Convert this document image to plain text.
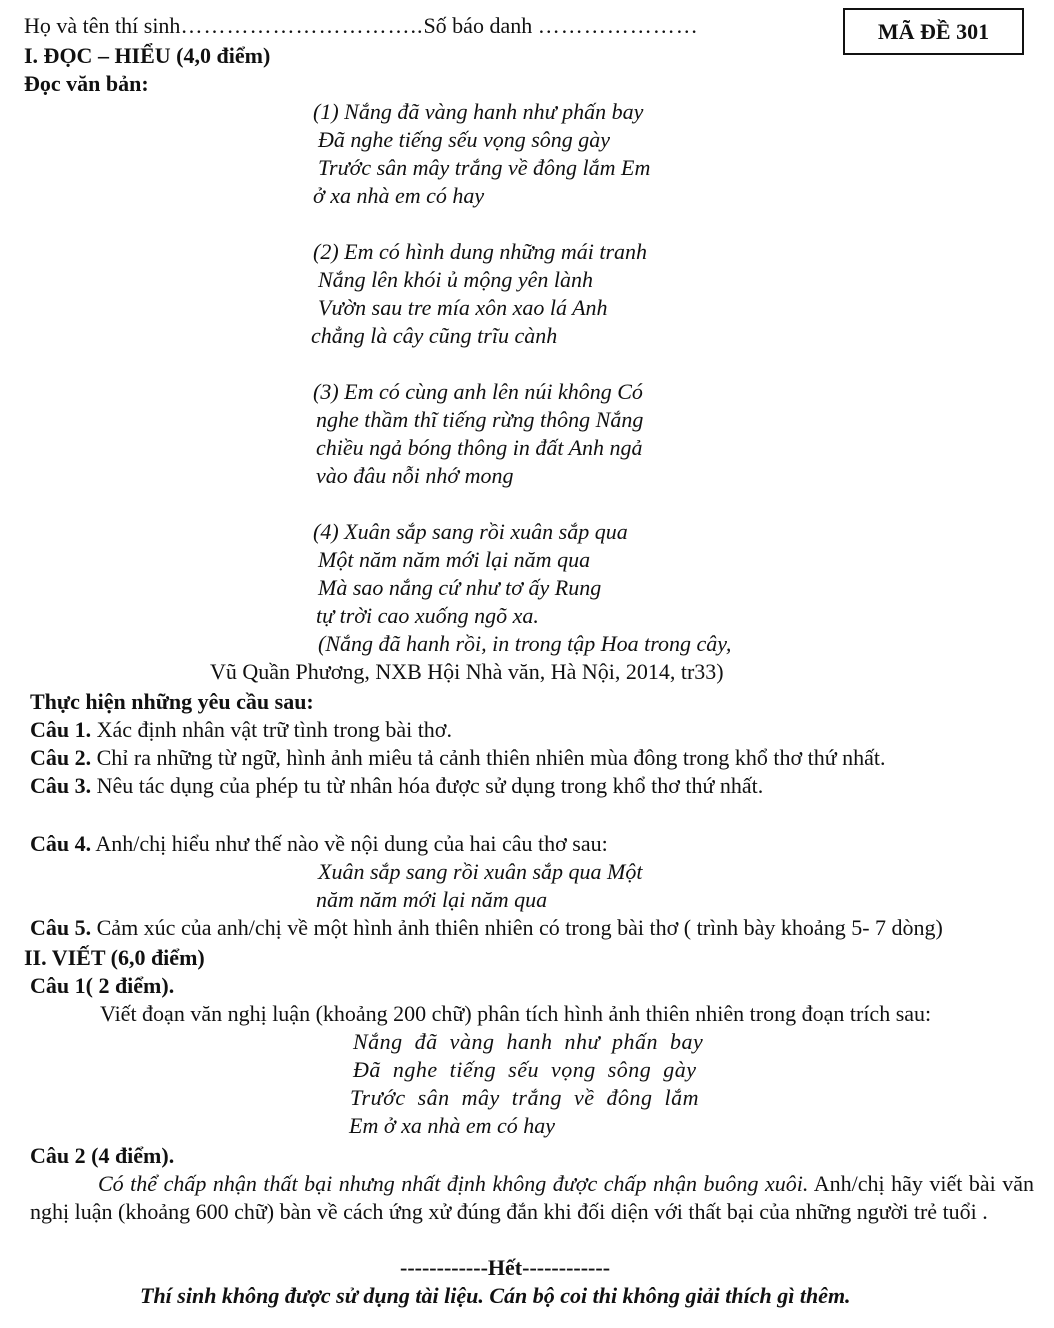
Họ và tên thí sinh…………………………..Số báo danh …………………	MÃ ĐỀ 301
I. ĐỌC – HIỂU (4,0 điểm)
Đọc văn bản:
(1) Nắng đã vàng hanh như phấn bay
Đã nghe tiếng sếu vọng sông gày
Trước sân mây trắng về đông lắm Em
ở xa nhà em có hay
(2) Em có hình dung những mái tranh
Nắng lên khói ủ mộng yên lành
Vườn sau tre mía xôn xao lá Anh
chẳng là cây cũng trĩu cành
(3) Em có cùng anh lên núi không Có
nghe thầm thĩ tiếng rừng thông Nắng
chiều ngả bóng thông in đất Anh ngả
vào đâu nỗi nhớ mong
(4) Xuân sắp sang rồi xuân sắp qua
Một năm năm mới lại năm qua
Mà sao nắng cứ như tơ ấy Rung
tự trời cao xuống ngõ xa.
(Nắng đã hanh rồi, in trong tập Hoa trong cây,
Vũ Quần Phương, NXB Hội Nhà văn, Hà Nội, 2014, tr33)
Thực hiện những yêu cầu sau:
Câu 1. Xác định nhân vật trữ tình trong bài thơ.
Câu 2. Chỉ ra những từ ngữ, hình ảnh miêu tả cảnh thiên nhiên mùa đông trong khổ thơ thứ nhất.
Câu 3. Nêu tác dụng của phép tu từ nhân hóa được sử dụng trong khổ thơ thứ nhất.
Câu 4. Anh/chị hiểu như thế nào về nội dung của hai câu thơ sau:
Xuân sắp sang rồi xuân sắp qua Một
năm năm mới lại năm qua
Câu 5. Cảm xúc của anh/chị về một hình ảnh thiên nhiên có trong bài thơ ( trình bày khoảng 5- 7 dòng)
II. VIẾT (6,0 điểm)
Câu 1( 2 điểm).
Viết đoạn văn nghị luận (khoảng 200 chữ) phân tích hình ảnh thiên nhiên trong đoạn trích sau:
Nắng đã vàng hanh như phấn bay
Đã nghe tiếng sếu vọng sông gày
Trước sân mây trắng về đông lắm
Em ở xa nhà em có hay
Câu 2 (4 điểm).
Có thể chấp nhận thất bại nhưng nhất định không được chấp nhận buông xuôi. Anh/chị hãy viết bài văn nghị luận (khoảng 600 chữ) bàn về cách ứng xử đúng đắn khi đối diện với thất bại của những người trẻ tuổi .
------------Hết------------
Thí sinh không được sử dụng tài liệu. Cán bộ coi thi không giải thích gì thêm.
